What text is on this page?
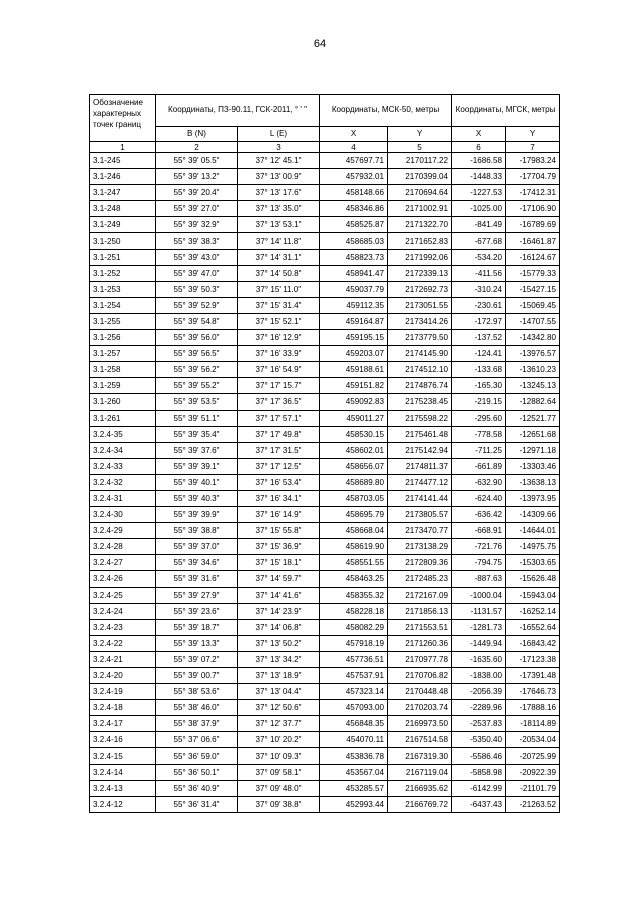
64
Обозначение характерных точек границ	Координаты, ПЗ-90.11, ГСК-2011, ° ' "		Координаты, МСК-50, метры		Координаты, МГСК, метры	
	B (N)	L (E)	X	Y	X	Y
1	2	3	4	5	6	7
3.1-245	55° 39' 05.5"	37° 12' 45.1"	457697.71	2170117.22	-1686.58	-17983.24
3.1-246	55° 39' 13.2"	37° 13' 00.9"	457932.01	2170399.04	-1448.33	-17704.79
3.1-247	55° 39' 20.4"	37° 13' 17.6"	458148.66	2170694.64	-1227.53	-17412.31
3.1-248	55° 39' 27.0"	37° 13' 35.0"	458346.86	2171002.91	-1025.00	-17106.90
3.1-249	55° 39' 32.9"	37° 13' 53.1"	458525.87	2171322.70	-841.49	-16789.69
3.1-250	55° 39' 38.3"	37° 14' 11.8"	458685.03	2171652.83	-677.68	-16461.87
3.1-251	55° 39' 43.0"	37° 14' 31.1"	458823.73	2171992.06	-534.20	-16124.67
3.1-252	55° 39' 47.0"	37° 14' 50.8"	458941.47	2172339.13	-411.56	-15779.33
3.1-253	55° 39' 50.3"	37° 15' 11.0"	459037.79	2172692.73	-310.24	-15427.15
3.1-254	55° 39' 52.9"	37° 15' 31.4"	459112.35	2173051.55	-230.61	-15069.45
3.1-255	55° 39' 54.8"	37° 15' 52.1"	459164.87	2173414.26	-172.97	-14707.55
3.1-256	55° 39' 56.0"	37° 16' 12.9"	459195.15	2173779.50	-137.52	-14342.80
3.1-257	55° 39' 56.5"	37° 16' 33.9"	459203.07	2174145.90	-124.41	-13976.57
3.1-258	55° 39' 56.2"	37° 16' 54.9"	459188.61	2174512.10	-133.68	-13610.23
3.1-259	55° 39' 55.2"	37° 17' 15.7"	459151.82	2174876.74	-165.30	-13245.13
3.1-260	55° 39' 53.5"	37° 17' 36.5"	459092.83	2175238.45	-219.15	-12882.64
3.1-261	55° 39' 51.1"	37° 17' 57.1"	459011.27	2175598.22	-295.60	-12521.77
3.2.4-35	55° 39' 35.4"	37° 17' 49.8"	458530.15	2175461.48	-778.58	-12651.68
3.2.4-34	55° 39' 37.6"	37° 17' 31.5"	458602.01	2175142.94	-711.25	-12971.18
3.2.4-33	55° 39' 39.1"	37° 17' 12.5"	458656.07	2174811.37	-661.89	-13303.46
3.2.4-32	55° 39' 40.1"	37° 16' 53.4"	458689.80	2174477.12	-632.90	-13638.13
3.2.4-31	55° 39' 40.3"	37° 16' 34.1"	458703.05	2174141.44	-624.40	-13973.95
3.2.4-30	55° 39' 39.9"	37° 16' 14.9"	458695.79	2173805.57	-636.42	-14309.66
3.2.4-29	55° 39' 38.8"	37° 15' 55.8"	458668.04	2173470.77	-668.91	-14644.01
3.2.4-28	55° 39' 37.0"	37° 15' 36.9"	458619.90	2173138.29	-721.76	-14975.75
3.2.4-27	55° 39' 34.6"	37° 15' 18.1"	458551.55	2172809.36	-794.75	-15303.65
3.2.4-26	55° 39' 31.6"	37° 14' 59.7"	458463.25	2172485.23	-887.63	-15626.48
3.2.4-25	55° 39' 27.9"	37° 14' 41.6"	458355.32	2172167.09	-1000.04	-15943.04
3.2.4-24	55° 39' 23.6"	37° 14' 23.9"	458228.18	2171856.13	-1131.57	-16252.14
3.2.4-23	55° 39' 18.7"	37° 14' 06.8"	458082.29	2171553.51	-1281.73	-16552.64
3.2.4-22	55° 39' 13.3"	37° 13' 50.2"	457918.19	2171260.36	-1449.94	-16843.42
3.2.4-21	55° 39' 07.2"	37° 13' 34.2"	457736.51	2170977.78	-1635.60	-17123.38
3.2.4-20	55° 39' 00.7"	37° 13' 18.9"	457537.91	2170706.82	-1838.00	-17391.48
3.2.4-19	55° 38' 53.6"	37° 13' 04.4"	457323.14	2170448.48	-2056.39	-17646.73
3.2.4-18	55° 38' 46.0"	37° 12' 50.6"	457093.00	2170203.74	-2289.96	-17888.16
3.2.4-17	55° 38' 37.9"	37° 12' 37.7"	456848.35	2169973.50	-2537.83	-18114.89
3.2.4-16	55° 37' 06.6"	37° 10' 20.2"	454070.11	2167514.58	-5350.40	-20534.04
3.2.4-15	55° 36' 59.0"	37° 10' 09.3"	453836.78	2167319.30	-5586.46	-20725.99
3.2.4-14	55° 36' 50.1"	37° 09' 58.1"	453567.04	2167119.04	-5858.98	-20922.39
3.2.4-13	55° 36' 40.9"	37° 09' 48.0"	453285.57	2166935.62	-6142.99	-21101.79
3.2.4-12	55° 36' 31.4"	37° 09' 38.8"	452993.44	2166769.72	-6437.43	-21263.52
